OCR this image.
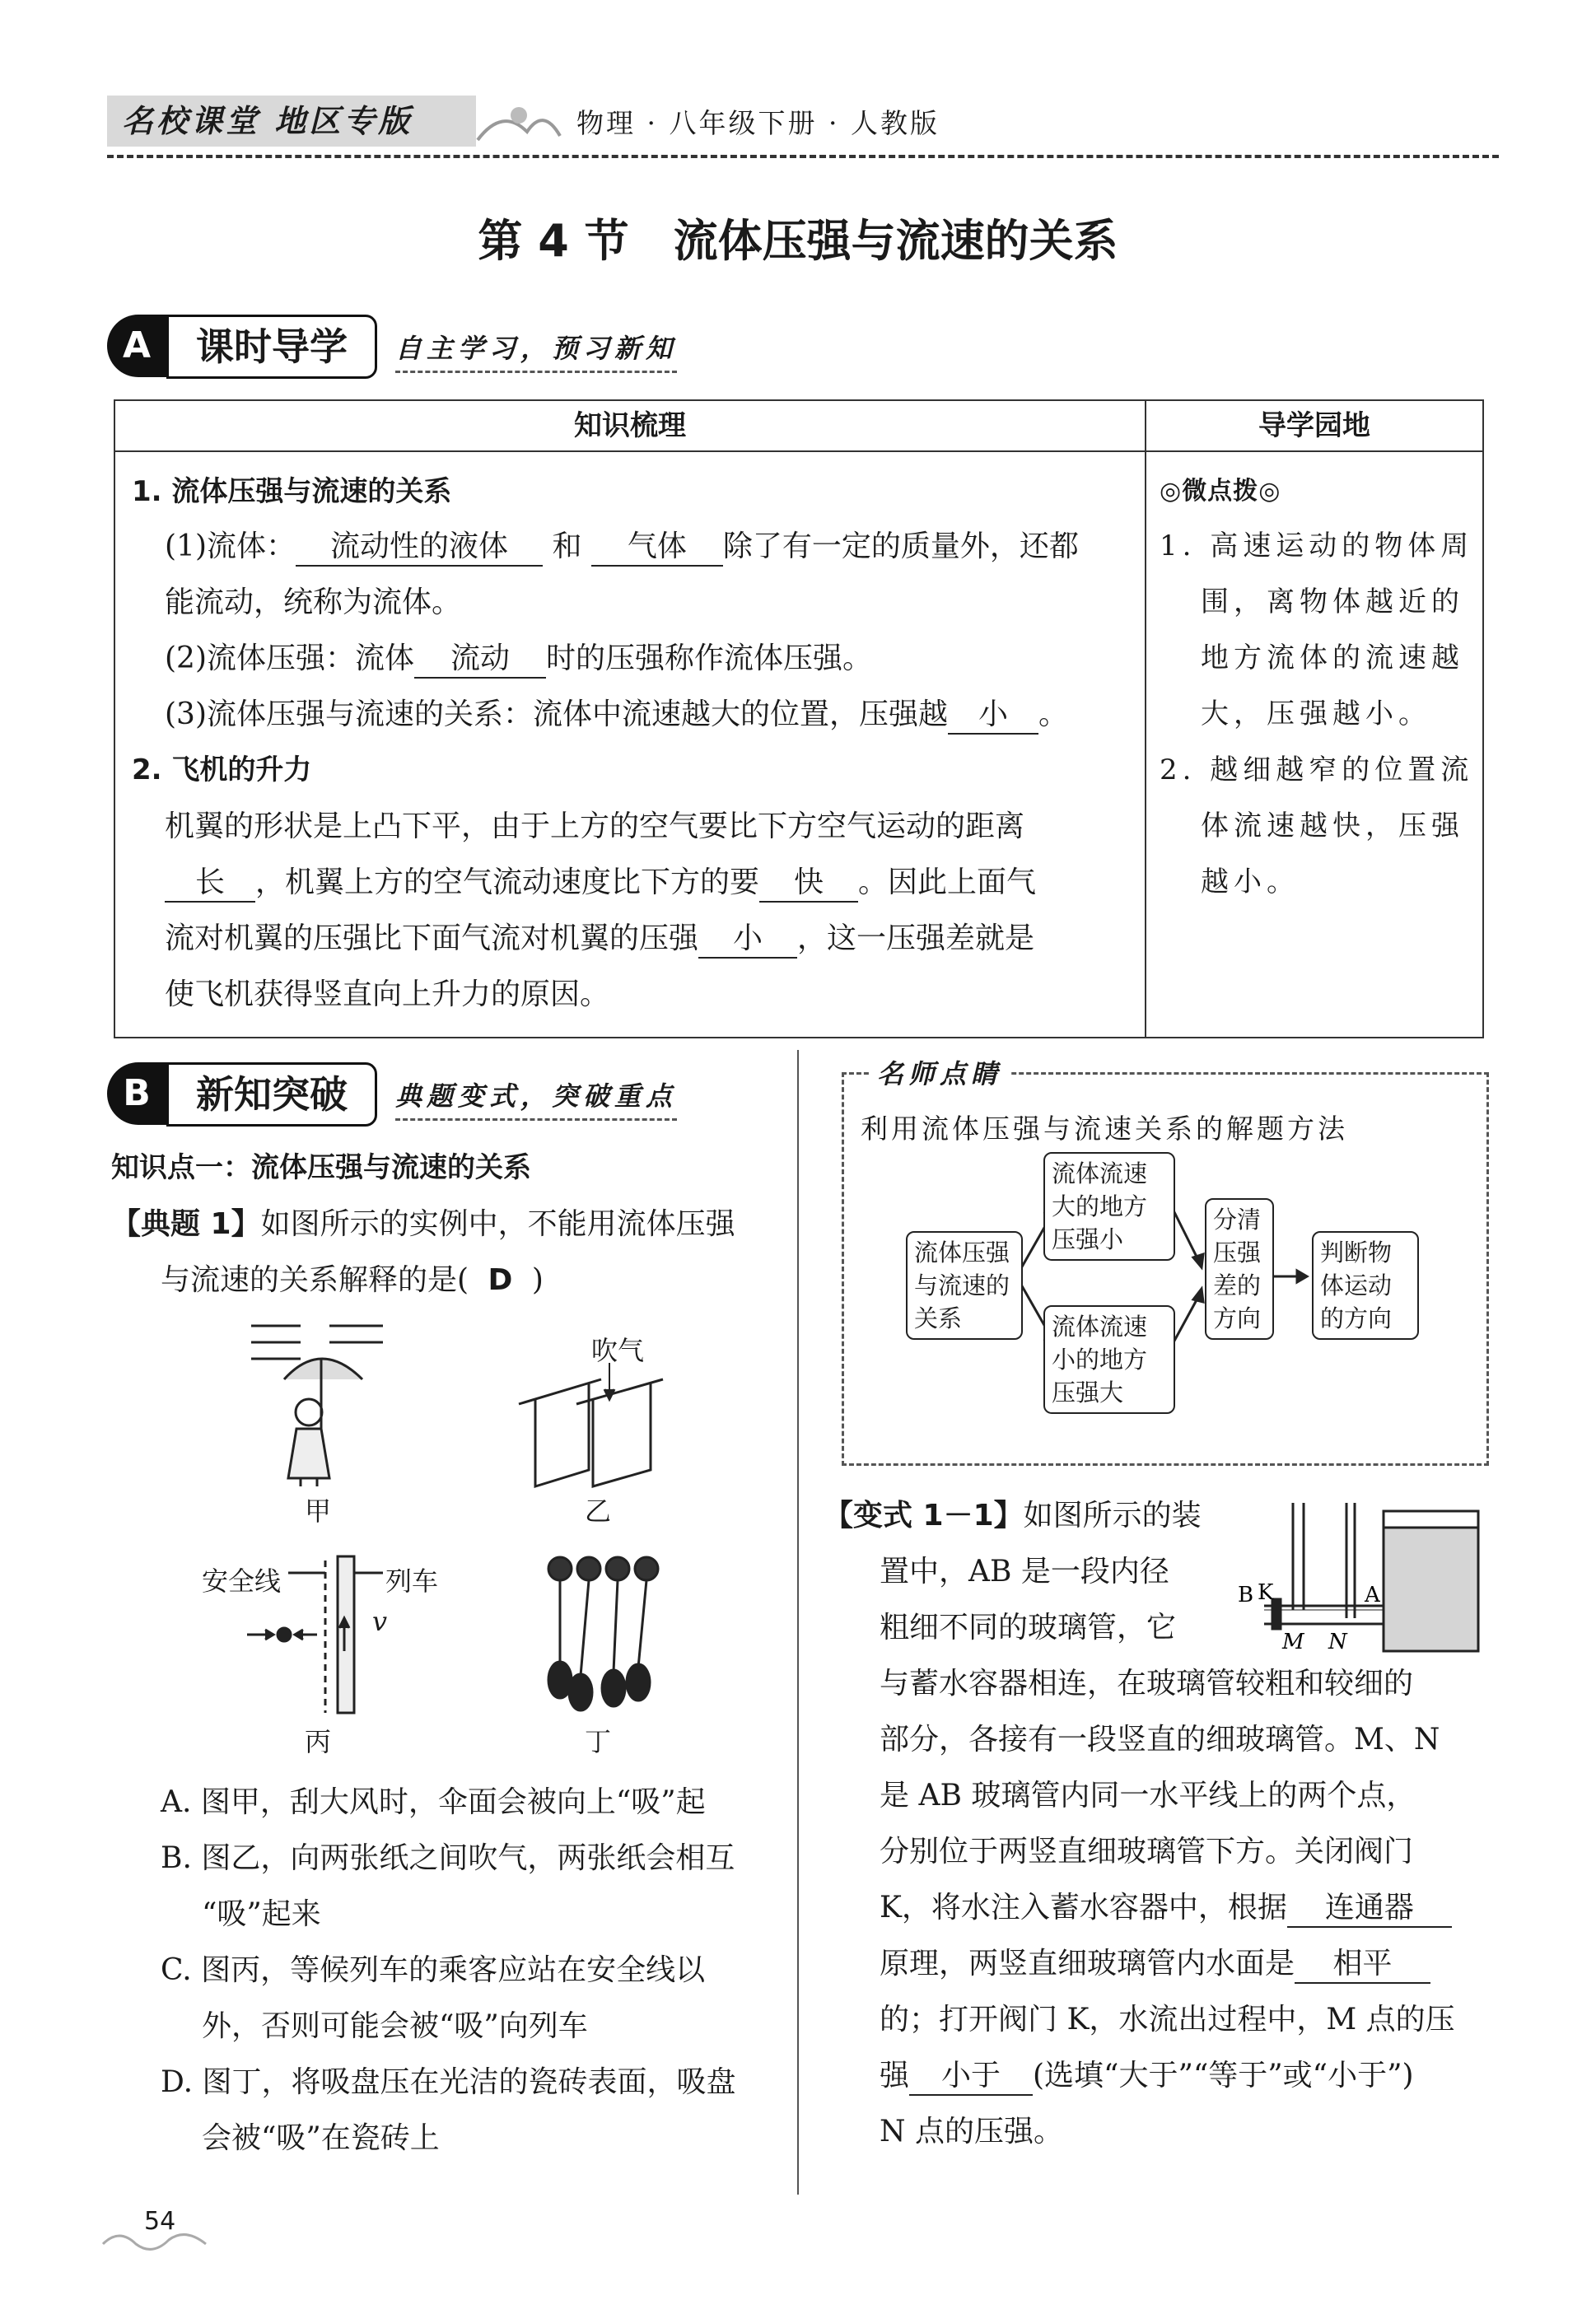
名校课堂 地区专版	物理 · 八年级下册 · 人教版
第 4 节　流体压强与流速的关系
A	课时导学	自主学习，预习新知
知识梳理	导学园地
1. 流体压强与流速的关系
(1)流体： 流动性的液体 和 气体 除了有一定的质量外，还都
能流动，统称为流体。
(2)流体压强：流体 流动 时的压强称作流体压强。
(3)流体压强与流速的关系：流体中流速越大的位置，压强越 小 。
2. 飞机的升力
机翼的形状是上凸下平，由于上方的空气要比下方空气运动的距离
长 ，机翼上方的空气流动速度比下方的要 快 。因此上面气
流对机翼的压强比下面气流对机翼的压强 小 ，这一压强差就是
使飞机获得竖直向上升力的原因。
◎微点拨◎
1. 高速运动的物体周
围，离物体越近的
地方流体的流速越
大，压强越小。
2. 越细越窄的位置流
体流速越快，压强
越小。
B	新知突破	典题变式，突破重点
知识点一：流体压强与流速的关系
【典题 1】如图所示的实例中，不能用流体压强
与流速的关系解释的是( D )
甲
吹气
乙
安全线	列车
v
丙	丁
A. 图甲，刮大风时，伞面会被向上“吸”起
B. 图乙，向两张纸之间吹气，两张纸会相互
“吸”起来
C. 图丙，等候列车的乘客应站在安全线以
外，否则可能会被“吸”向列车
D. 图丁，将吸盘压在光洁的瓷砖表面，吸盘
会被“吸”在瓷砖上
名师点睛
利用流体压强与流速关系的解题方法
流体压强
与流速的
关系
流体流速
大的地方
压强小
流体流速
小的地方
压强大
分清
压强
差的
方向
判断物
体运动
的方向
【变式 1－1】如图所示的装
置中，AB 是一段内径
粗细不同的玻璃管，它
B K	A
M N
与蓄水容器相连，在玻璃管较粗和较细的
部分，各接有一段竖直的细玻璃管。M、N
是 AB 玻璃管内同一水平线上的两个点，
分别位于两竖直细玻璃管下方。关闭阀门
K，将水注入蓄水容器中，根据 连通器
原理，两竖直细玻璃管内水面是 相平
的；打开阀门 K，水流出过程中，M 点的压
强 小于 (选填“大于”“等于”或“小于”)
N 点的压强。
54
